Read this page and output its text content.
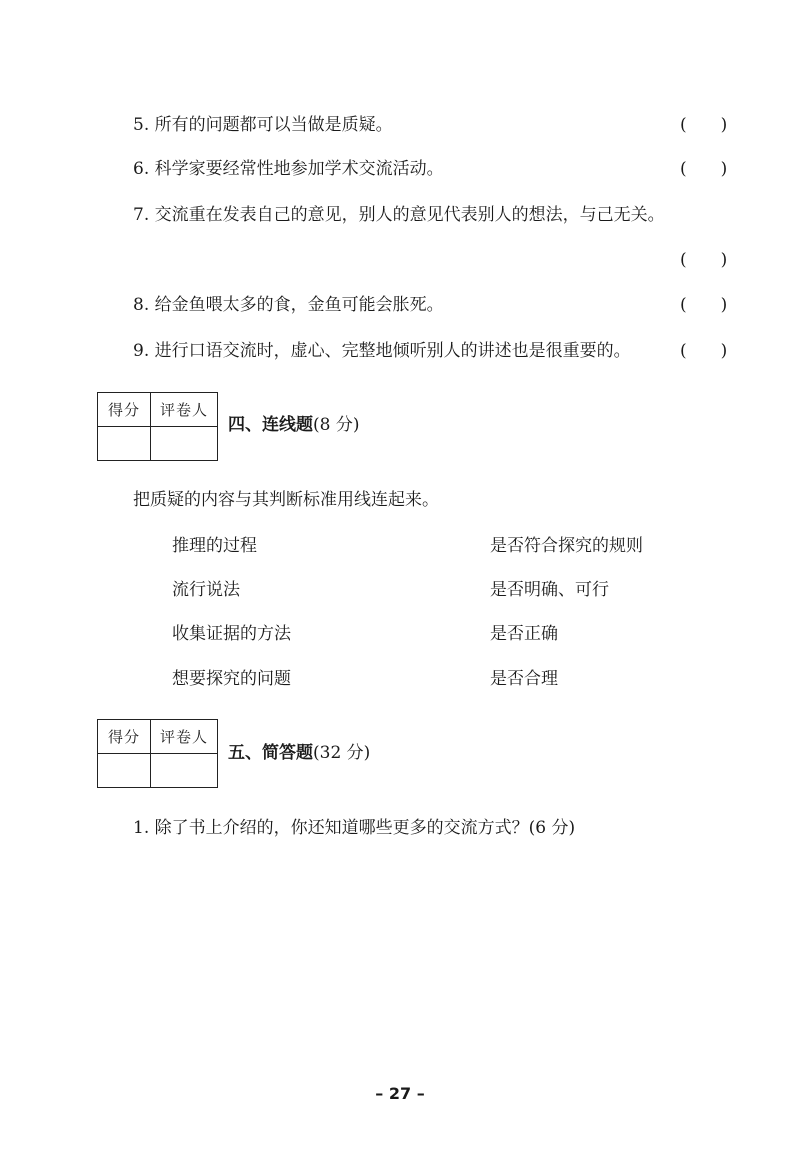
5. 所有的问题都可以当做是质疑。	(　　)
6. 科学家要经常性地参加学术交流活动。	(　　)
7. 交流重在发表自己的意见，别人的意见代表别人的想法，与己无关。
(　　)
8. 给金鱼喂太多的食，金鱼可能会胀死。	(　　)
9. 进行口语交流时，虚心、完整地倾听别人的讲述也是很重要的。	(　　)
得分	评卷人

四、连线题(8 分)
把质疑的内容与其判断标准用线连起来。
推理的过程	是否符合探究的规则
流行说法	是否明确、可行
收集证据的方法	是否正确
想要探究的问题	是否合理
得分	评卷人

五、简答题(32 分)
1. 除了书上介绍的，你还知道哪些更多的交流方式？(6 分)
– 27 –
